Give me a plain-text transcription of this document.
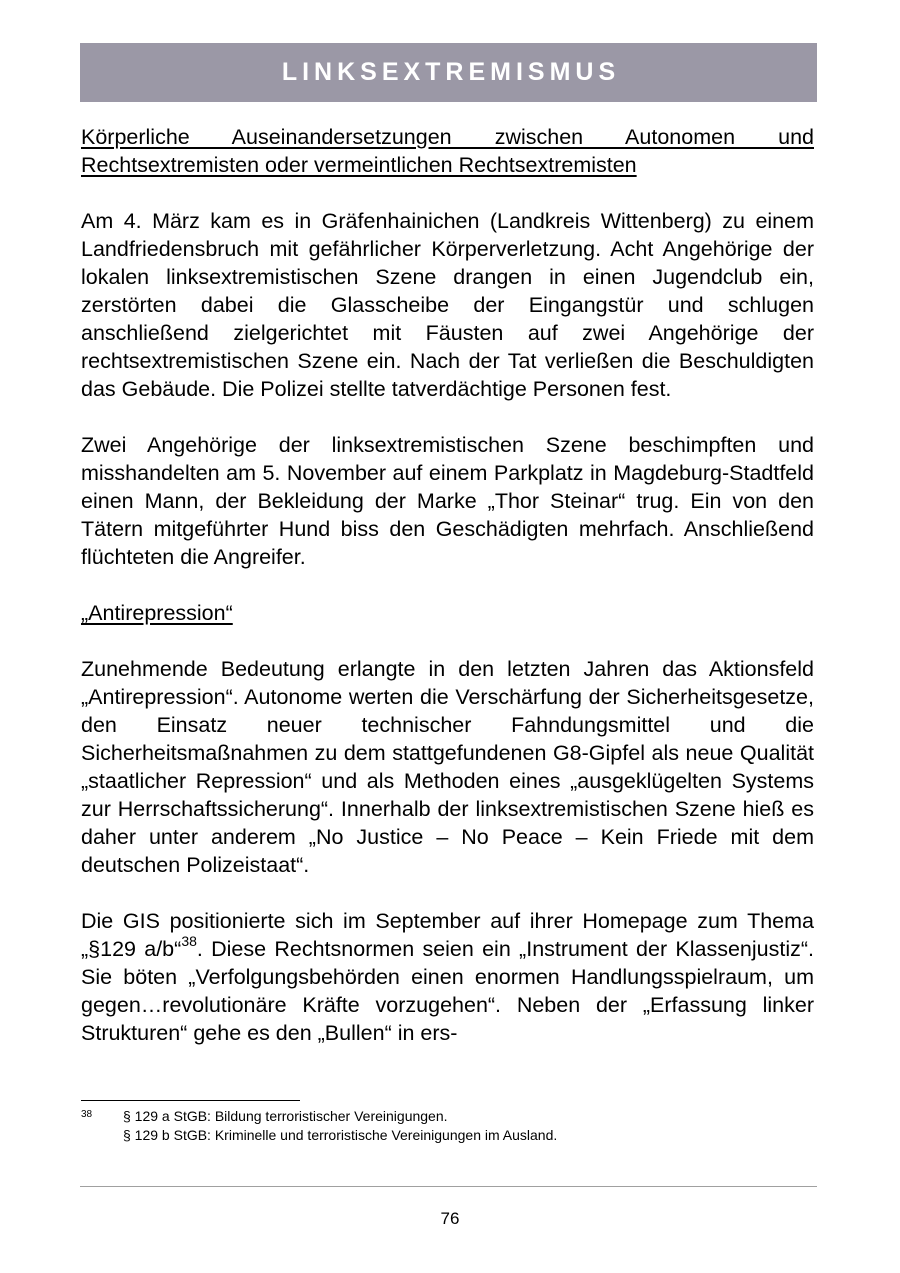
LINKSEXTREMISMUS

Körperliche Auseinandersetzungen zwischen Autonomen und Rechtsextremisten oder vermeintlichen Rechtsextremisten

Am 4. März kam es in Gräfenhainichen (Landkreis Wittenberg) zu einem Landfriedensbruch mit gefährlicher Körperverletzung. Acht Angehörige der lokalen linksextremistischen Szene drangen in einen Jugendclub ein, zerstörten dabei die Glasscheibe der Eingangstür und schlugen anschließend zielgerichtet mit Fäusten auf zwei Angehörige der rechtsextremistischen Szene ein. Nach der Tat verließen die Beschuldigten das Gebäude. Die Polizei stellte tatverdächtige Personen fest.

Zwei Angehörige der linksextremistischen Szene beschimpften und misshandelten am 5. November auf einem Parkplatz in Magdeburg-Stadtfeld einen Mann, der Bekleidung der Marke „Thor Steinar“ trug. Ein von den Tätern mitgeführter Hund biss den Geschädigten mehrfach. Anschließend flüchteten die Angreifer.

„Antirepression“

Zunehmende Bedeutung erlangte in den letzten Jahren das Aktionsfeld „Antirepression“. Autonome werten die Verschärfung der Sicherheitsgesetze, den Einsatz neuer technischer Fahndungsmittel und die Sicherheitsmaßnahmen zu dem stattgefundenen G8-Gipfel als neue Qualität „staatlicher Repression“ und als Methoden eines „ausgeklügelten Systems zur Herrschaftssicherung“. Innerhalb der linksextremistischen Szene hieß es daher unter anderem „No Justice – No Peace – Kein Friede mit dem deutschen Polizeistaat“.

Die GIS positionierte sich im September auf ihrer Homepage zum Thema „§129 a/b“$^{38}$. Diese Rechtsnormen seien ein „Instrument der Klassenjustiz“. Sie böten „Verfolgungsbehörden einen enormen Handlungsspielraum, um gegen…revolutionäre Kräfte vorzugehen“. Neben der „Erfassung linker Strukturen“ gehe es den „Bullen“ in ers-

38 § 129 a StGB: Bildung terroristischer Vereinigungen.
§ 129 b StGB: Kriminelle und terroristische Vereinigungen im Ausland.
76
